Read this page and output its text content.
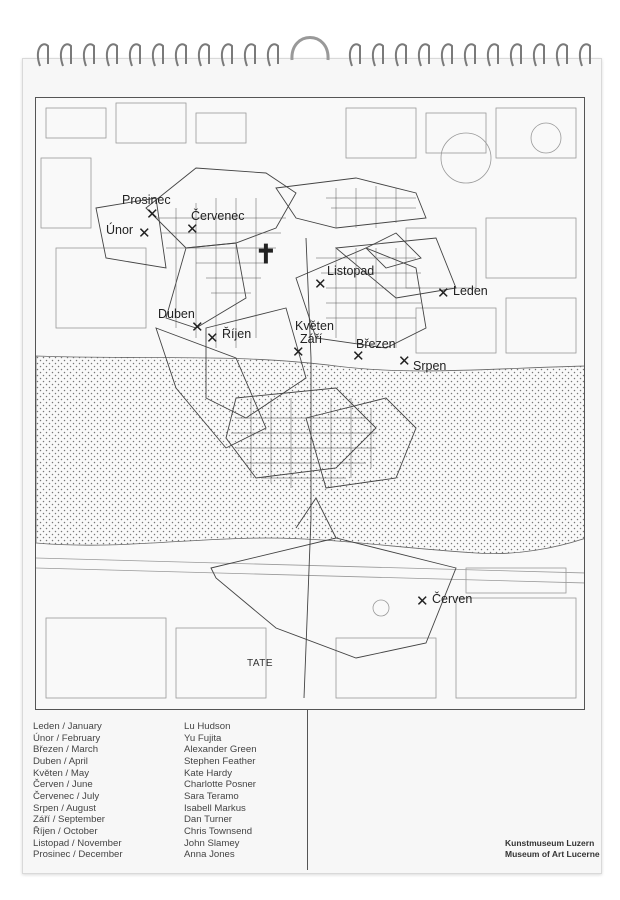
✝
✕
Prosinec
✕
Únor	✕
Červenec
✕
Listopad
✕ Leden
✕
Duben
✕ Říjen
Květen
✕
Září
✕
Březen
✕ Srpen
✕ Červen
TATE
Leden / January
Únor / February
Březen / March
Duben / April
Květen / May
Červen / June
Červenec / July
Srpen / August
Září / September
Říjen / October
Listopad / November
Prosinec / December
Lu Hudson
Yu Fujita
Alexander Green
Stephen Feather
Kate Hardy
Charlotte Posner
Sara Teramo
Isabell Markus
Dan Turner
Chris Townsend
John Slamey
Anna Jones
Kunstmuseum Luzern
Museum of Art Lucerne
